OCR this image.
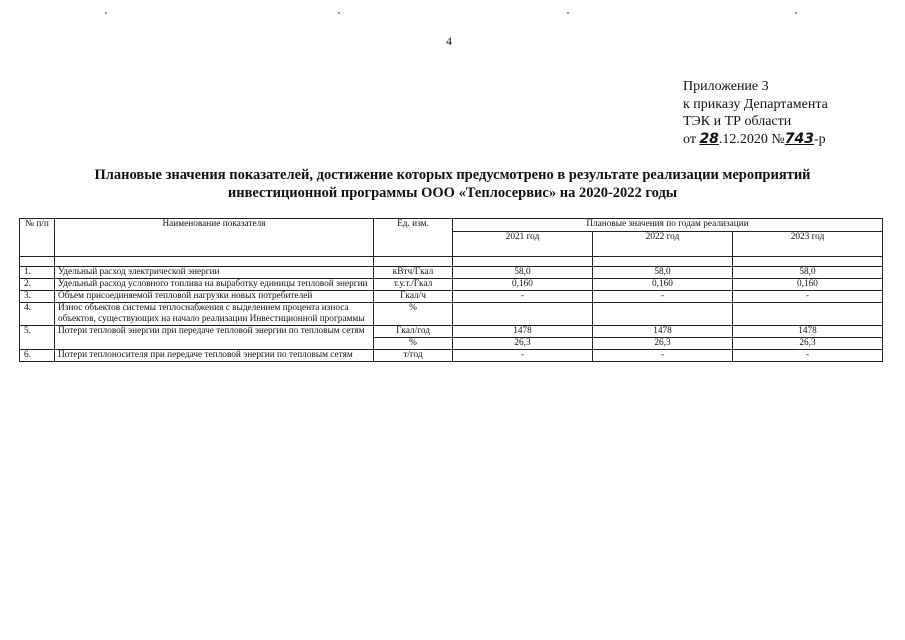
4
Приложение 3
к приказу Департамента
ТЭК и ТР области
от 28.12.2020 №743-р
Плановые значения показателей, достижение которых предусмотрено в результате реализации мероприятий
инвестиционной программы ООО «Теплосервис» на 2020-2022 годы
№ п/п	Наименование показателя	Ед. изм.	Плановые значения по годам реализации		
			2021 год	2022 год	2023 год

1.	Удельный расход электрической энергии	кВтч/Гкал	58,0	58,0	58,0
2.	Удельный расход условного топлива на выработку единицы тепловой энергии	т.у.т./Гкал	0,160	0,160	0,160
3.	Объем присоединяемой тепловой нагрузки новых потребителей	Гкал/ч	-	-	-
4.	Износ объектов системы теплоснабжения с выделением процента износа объектов, существующих на начало реализации Инвестиционной программы	%			
5.	Потери тепловой энергии при передаче тепловой энергии по тепловым сетям	Гкал/год	1478	1478	1478
		%	26,3	26,3	26,3
6.	Потери теплоносителя при передаче тепловой энергии по тепловым сетям	т/год	-	-	-
